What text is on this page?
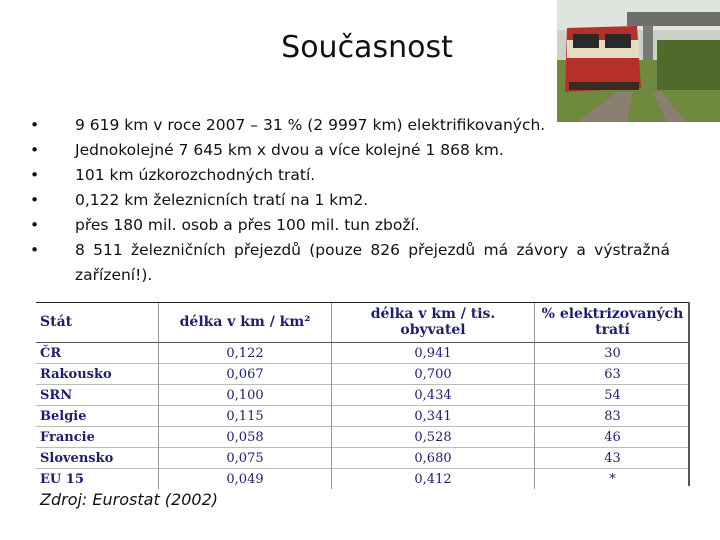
Současnost
• 9 619 km v roce 2007 – 31 % (2 9997 km) elektrifikovaných.
• Jednokolejné 7 645 km x dvou a více kolejné 1 868 km.
• 101 km úzkorozchodných tratí.
• 0,122 km železnicních tratí na 1 km2.
• přes 180 mil. osob a přes 100 mil. tun zboží.
• 8 511 železničních přejezdů (pouze 826 přejezdů má závory a výstražná zařízení!).
Stát	délka v km / km²	délka v km / tis. obyvatel	% elektrizovaných tratí
ČR	0,122	0,941	30
Rakousko	0,067	0,700	63
SRN	0,100	0,434	54
Belgie	0,115	0,341	83
Francie	0,058	0,528	46
Slovensko	0,075	0,680	43
EU 15	0,049	0,412	*
Zdroj: Eurostat (2002)
